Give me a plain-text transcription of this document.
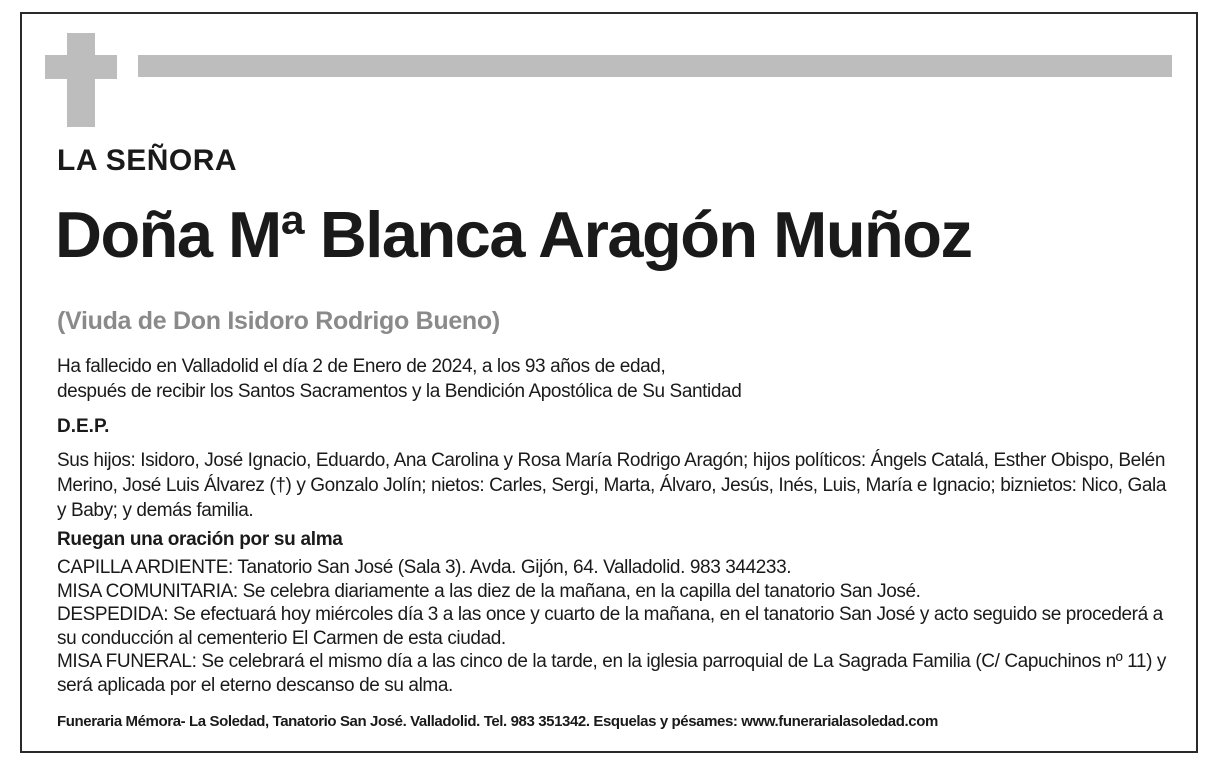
LA SEÑORA
Doña Mª Blanca Aragón Muñoz
(Viuda de Don Isidoro Rodrigo Bueno)
Ha fallecido en Valladolid el día 2 de Enero de 2024, a los 93 años de edad,
después de recibir los Santos Sacramentos y la Bendición Apostólica de Su Santidad
D.E.P.
Sus hijos: Isidoro, José Ignacio, Eduardo, Ana Carolina y Rosa María Rodrigo Aragón; hijos políticos: Ángels Catalá, Esther Obispo, Belén Merino, José Luis Álvarez (†) y Gonzalo Jolín; nietos: Carles, Sergi, Marta, Álvaro, Jesús, Inés, Luis, María e Ignacio; biznietos: Nico, Gala y Baby; y demás familia.
Ruegan una oración por su alma
CAPILLA ARDIENTE: Tanatorio San José (Sala 3). Avda. Gijón, 64. Valladolid. 983 344233.
MISA COMUNITARIA: Se celebra diariamente a las diez de la mañana, en la capilla del tanatorio San José.
DESPEDIDA: Se efectuará hoy miércoles día 3 a las once y cuarto de la mañana, en el tanatorio San José y acto seguido se procederá a su conducción al cementerio El Carmen de esta ciudad.
MISA FUNERAL: Se celebrará el mismo día a las cinco de la tarde, en la iglesia parroquial de La Sagrada Familia (C/ Capuchinos nº 11) y será aplicada por el eterno descanso de su alma.
Funeraria Mémora- La Soledad, Tanatorio San José. Valladolid. Tel. 983 351342. Esquelas y pésames: www.funerarialasoledad.com
